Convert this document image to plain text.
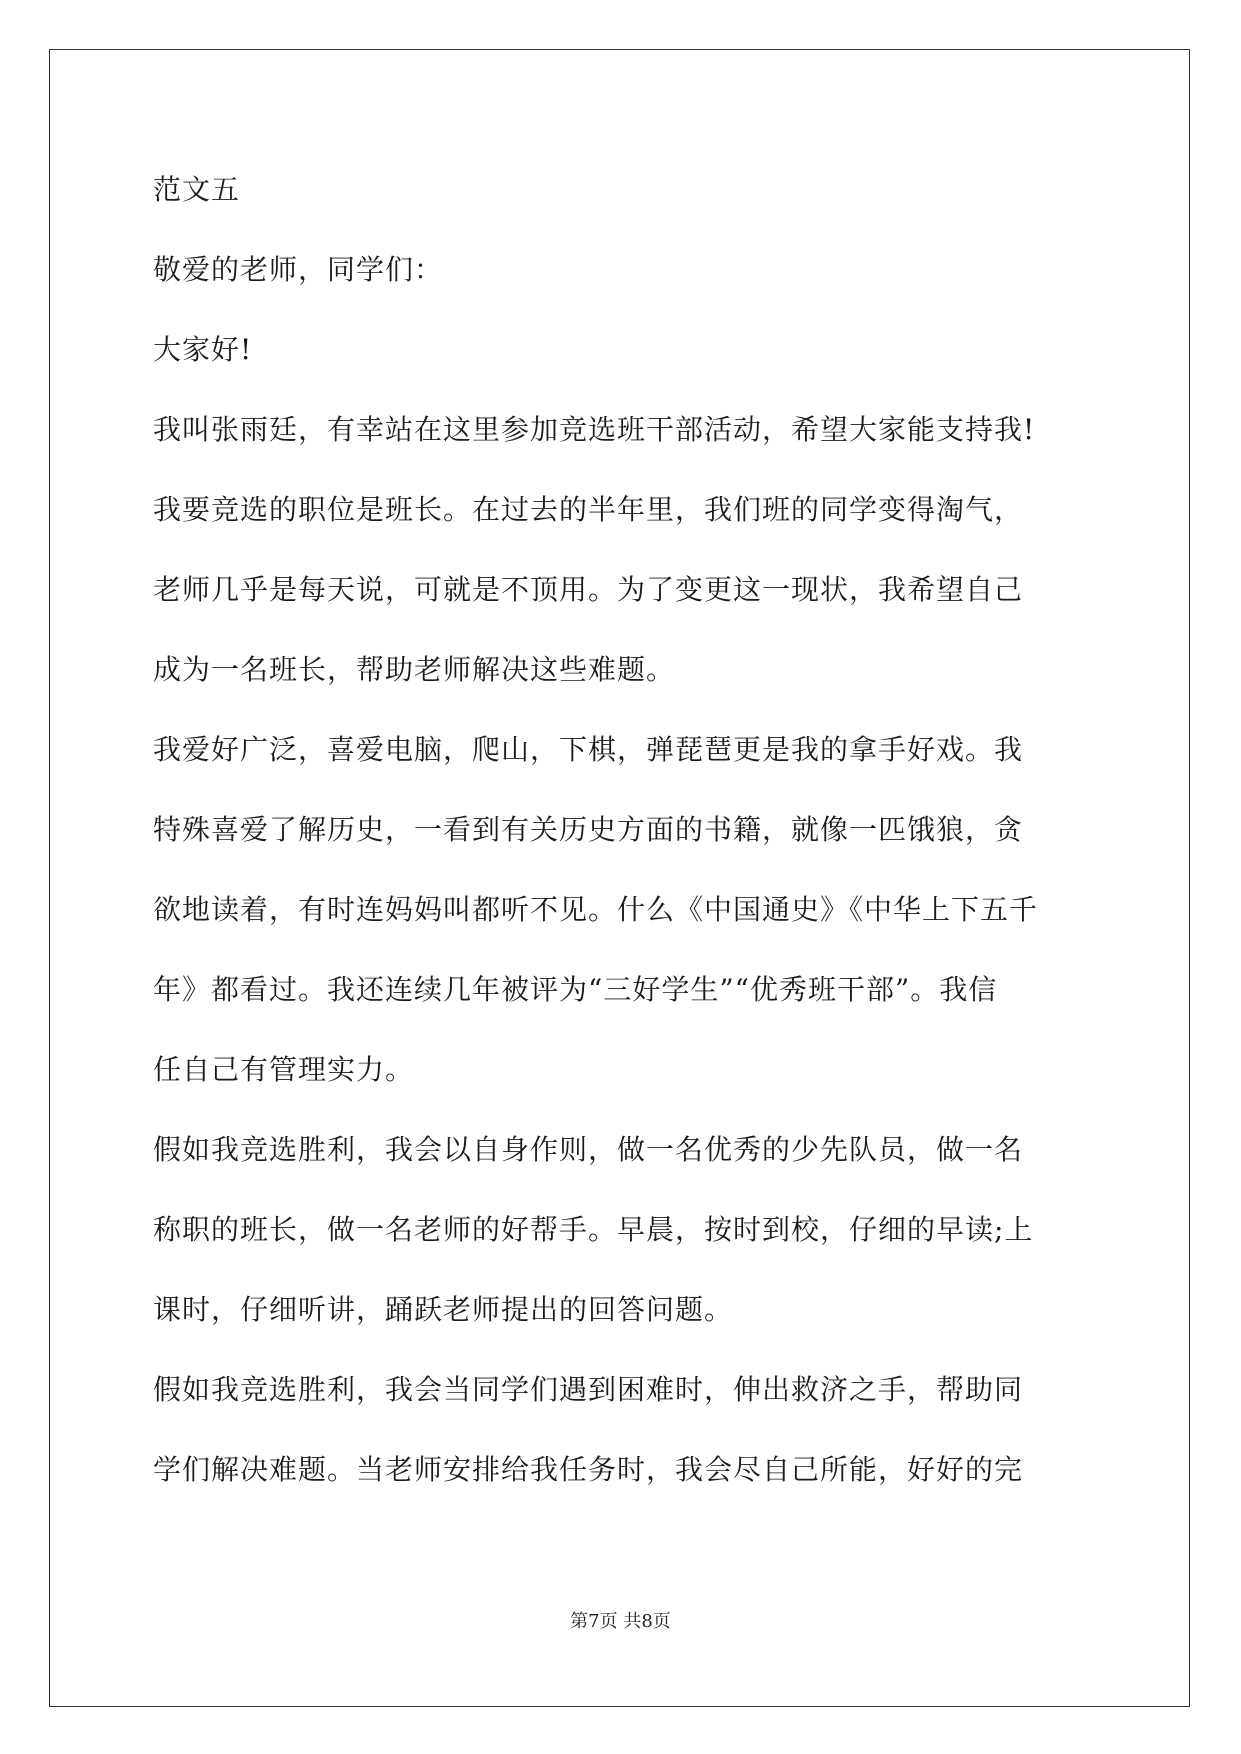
范文五
敬爱的老师，同学们：
大家好!
我叫张雨廷，有幸站在这里参加竞选班干部活动，希望大家能支持我!
我要竞选的职位是班长。在过去的半年里，我们班的同学变得淘气，
老师几乎是每天说，可就是不顶用。为了变更这一现状，我希望自己
成为一名班长，帮助老师解决这些难题。
我爱好广泛，喜爱电脑，爬山，下棋，弹琵琶更是我的拿手好戏。我
特殊喜爱了解历史，一看到有关历史方面的书籍，就像一匹饿狼，贪
欲地读着，有时连妈妈叫都听不见。什么《中国通史》《中华上下五千
年》都看过。我还连续几年被评为“三好学生”“优秀班干部”。我信
任自己有管理实力。
假如我竞选胜利，我会以自身作则，做一名优秀的少先队员，做一名
称职的班长，做一名老师的好帮手。早晨，按时到校，仔细的早读;上
课时，仔细听讲，踊跃老师提出的回答问题。
假如我竞选胜利，我会当同学们遇到困难时，伸出救济之手，帮助同
学们解决难题。当老师安排给我任务时，我会尽自己所能，好好的完
第7页 共8页
